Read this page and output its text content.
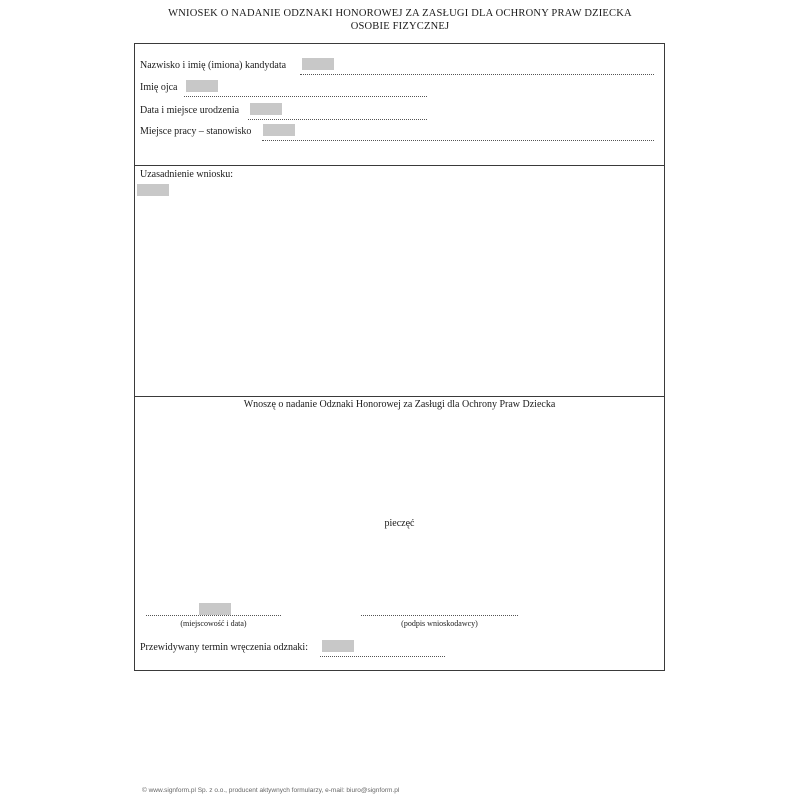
WNIOSEK O NADANIE ODZNAKI HONOROWEJ ZA ZASŁUGI DLA OCHRONY PRAW DZIECKA
OSOBIE FIZYCZNEJ
Nazwisko i imię (imiona) kandydata
Imię ojca
Data i miejsce urodzenia
Miejsce pracy – stanowisko
Uzasadnienie wniosku:
Wnoszę o nadanie Odznaki Honorowej za Zasługi dla Ochrony Praw Dziecka
pieczęć
(miejscowość i data)	(podpis wnioskodawcy)
Przewidywany termin wręczenia odznaki:
© www.signform.pl Sp. z o.o., producent aktywnych formularzy, e-mail: biuro@signform.pl
